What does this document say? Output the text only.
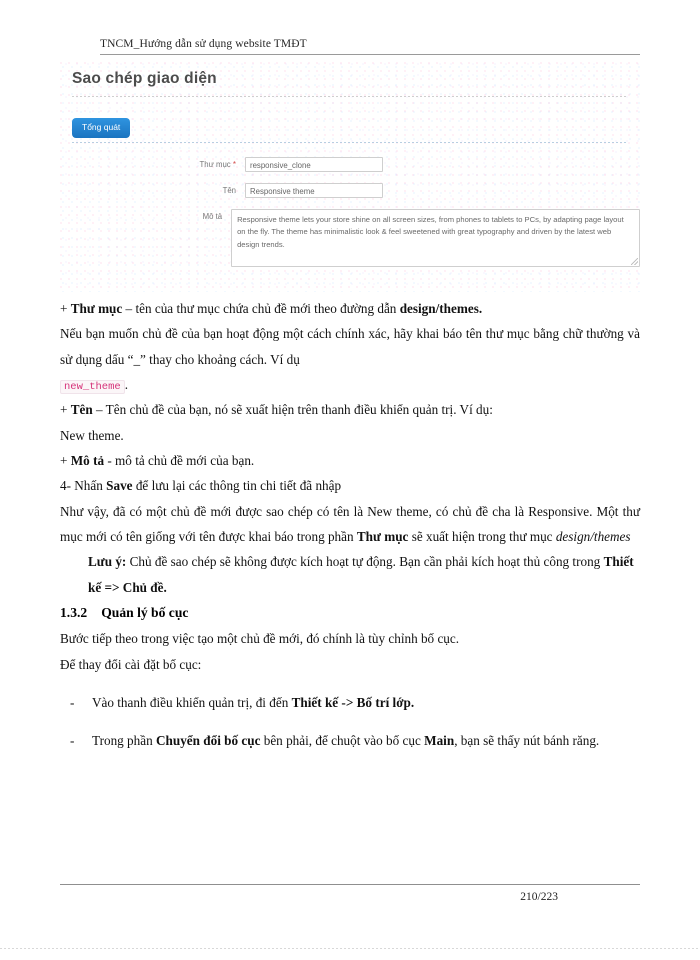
TNCM_Hướng dẫn sử dụng website TMĐT
Sao chép giao diện
Tổng quát
Thư mục *	responsive_clone
Tên	Responsive theme
Mô tả	Responsive theme lets your store shine on all screen sizes, from phones to tablets to PCs, by adapting page layout on the fly. The theme has minimalistic look & feel sweetened with great typography and driven by the latest web design trends.

+ Thư mục – tên của thư mục chứa chủ đề mới theo đường dẫn design/themes.

Nếu bạn muốn chủ đề của bạn hoạt động một cách chính xác, hãy khai báo tên thư mục bằng chữ thường và sử dụng dấu “_” thay cho khoảng cách. Ví dụ

new_theme .

+ Tên – Tên chủ đề của bạn, nó sẽ xuất hiện trên thanh điều khiển quản trị. Ví dụ:

New theme.

+ Mô tả - mô tả chủ đề mới của bạn.

4- Nhấn Save để lưu lại các thông tin chi tiết đã nhập

Như vậy, đã có một chủ đề mới được sao chép có tên là New theme, có chủ đề cha là Responsive. Một thư mục mới có tên giống với tên được khai báo trong phần Thư mục sẽ xuất hiện trong thư mục design/themes

Lưu ý: Chủ đề sao chép sẽ không được kích hoạt tự động. Bạn cần phải kích hoạt thủ công trong Thiết kế => Chủ đề.

1.3.2 Quản lý bố cục

Bước tiếp theo trong việc tạo một chủ đề mới, đó chính là tùy chỉnh bố cục.

Để thay đổi cài đặt bố cục:

-	Vào thanh điều khiển quản trị, đi đến Thiết kế -> Bố trí lớp.
-	Trong phần Chuyển đổi bố cục bên phải, để chuột vào bố cục Main, bạn sẽ thấy nút bánh răng.
210/223
